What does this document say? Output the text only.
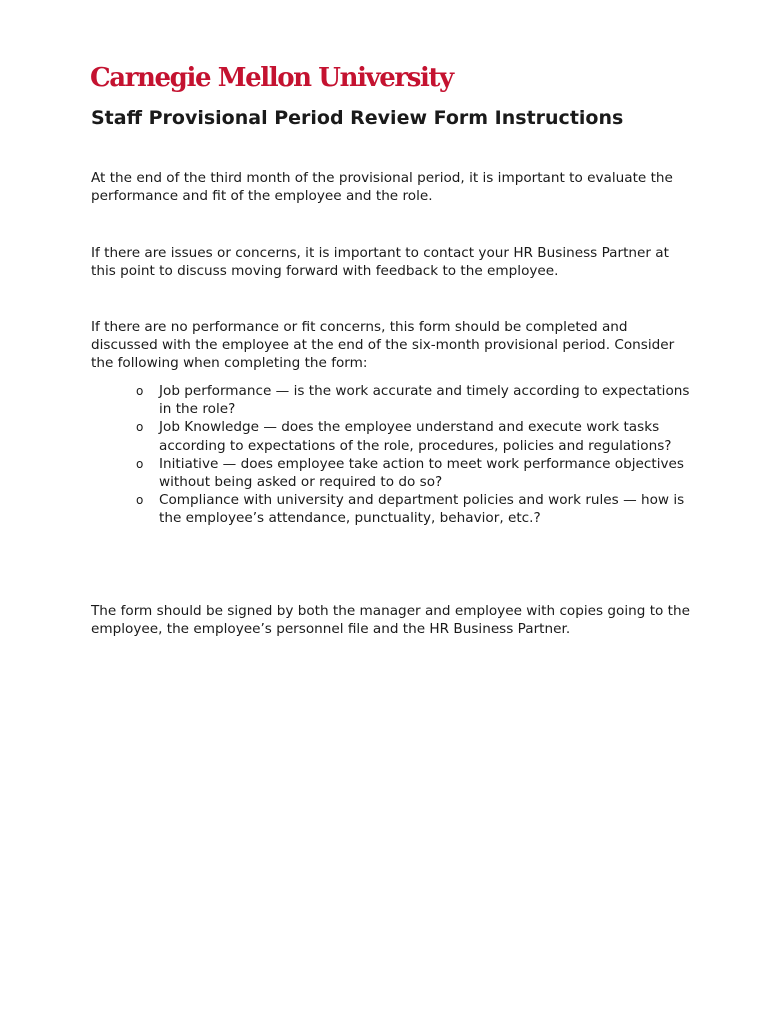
Carnegie Mellon University
Staff Provisional Period Review Form Instructions

At the end of the third month of the provisional period, it is important to evaluate the performance and fit of the employee and the role.

If there are issues or concerns, it is important to contact your HR Business Partner at this point to discuss moving forward with feedback to the employee.

If there are no performance or fit concerns, this form should be completed and discussed with the employee at the end of the six-month provisional period. Consider the following when completing the form:

o Job performance — is the work accurate and timely according to expectations in the role?
o Job Knowledge — does the employee understand and execute work tasks according to expectations of the role, procedures, policies and regulations?
o Initiative — does employee take action to meet work performance objectives without being asked or required to do so?
o Compliance with university and department policies and work rules — how is the employee’s attendance, punctuality, behavior, etc.?

The form should be signed by both the manager and employee with copies going to the employee, the employee’s personnel file and the HR Business Partner.
